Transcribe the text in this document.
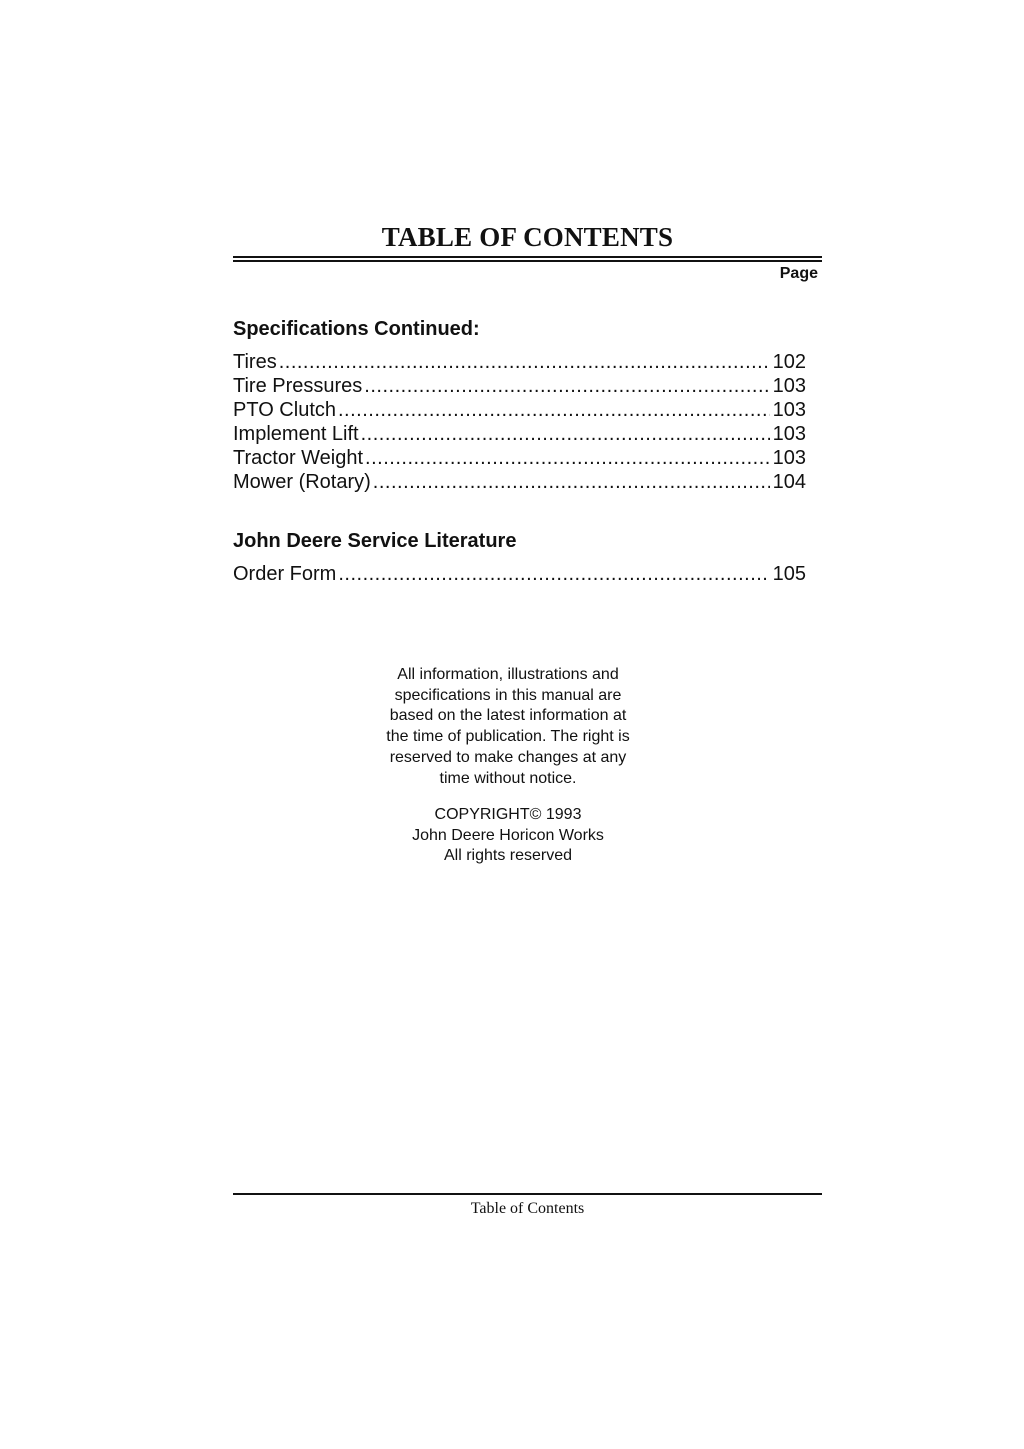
TABLE OF CONTENTS
Page
Specifications Continued:
Tires .....	102
Tire Pressures .....	103
PTO Clutch .....	103
Implement Lift .....	103
Tractor Weight .....	103
Mower (Rotary) .....	104
John Deere Service Literature
Order Form .....	105

All information, illustrations and

specifications in this manual are

based on the latest information at

the time of publication. The right is

reserved to make changes at any

time without notice.

COPYRIGHT© 1993
John Deere Horicon Works
All rights reserved
Table of Contents
